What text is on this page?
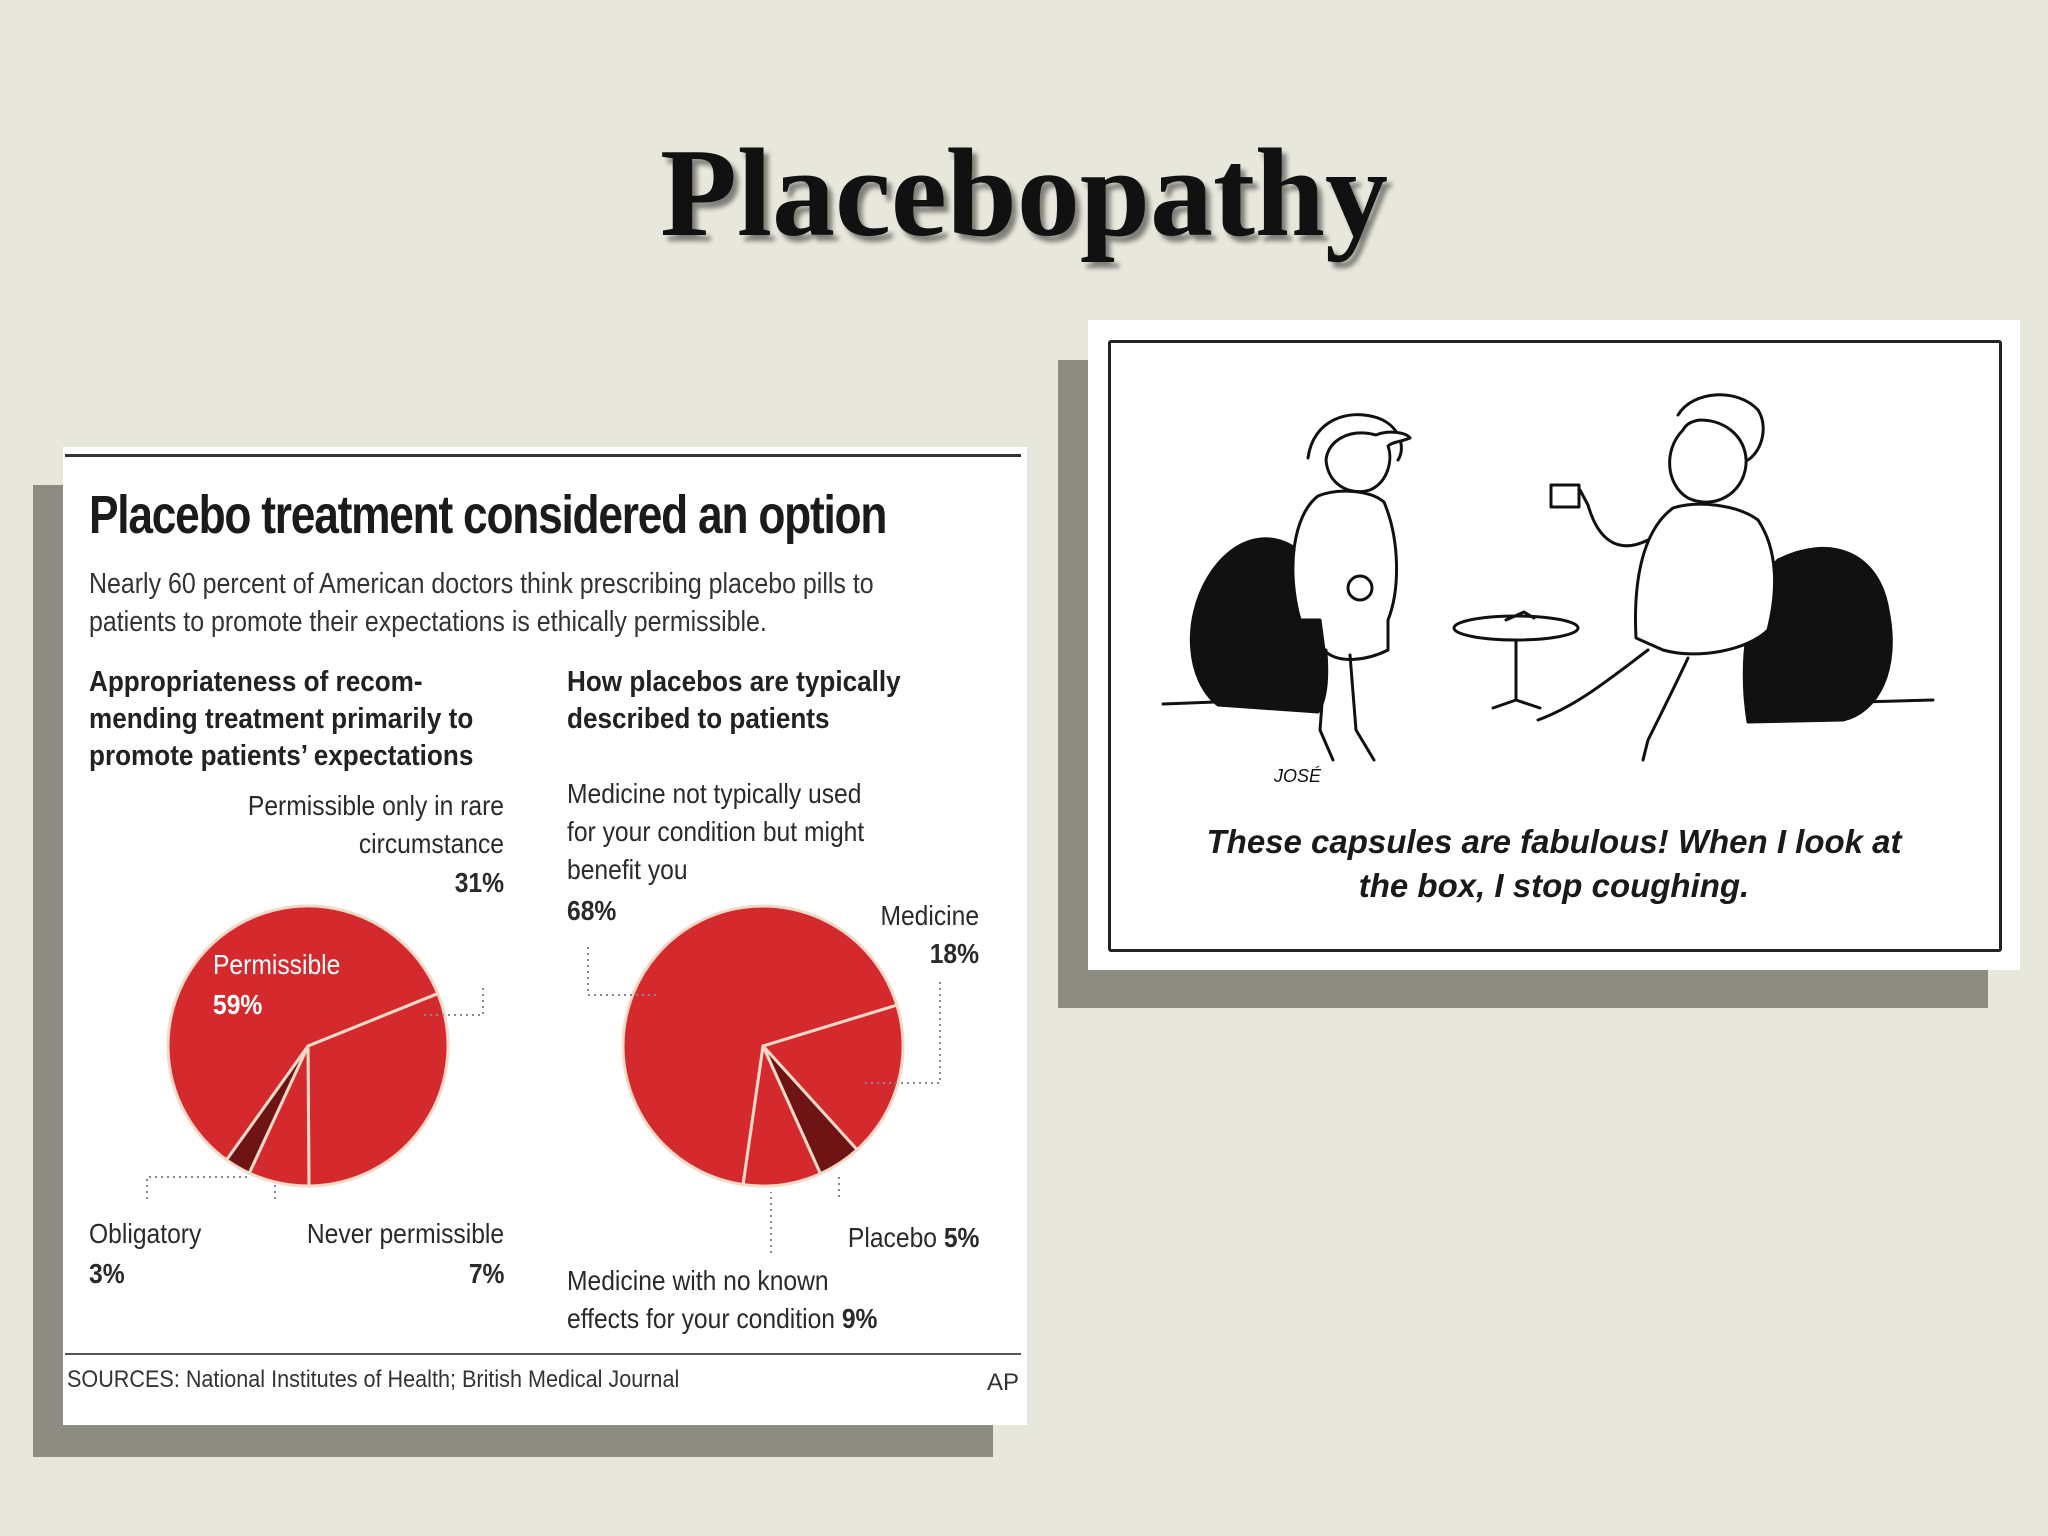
Placebopathy
Placebo treatment considered an option
Nearly 60 percent of American doctors think prescribing placebo pills to patients to promote their expectations is ethically permissible.
Appropriateness of recom-mending treatment primarily to promote patients’ expectations
How placebos are typically described to patients
Permissible only in rare circumstance
31%
Permissible
59%
Obligatory
3%
Never permissible
7%
Medicine not typically used for your condition but might benefit you
68%	Medicine
18%
Placebo 5%
Medicine with no known effects for your condition 9%
SOURCES: National Institutes of Health; British Medical Journal	AP
JOSÉ
These capsules are fabulous! When I look at
the box, I stop coughing.
